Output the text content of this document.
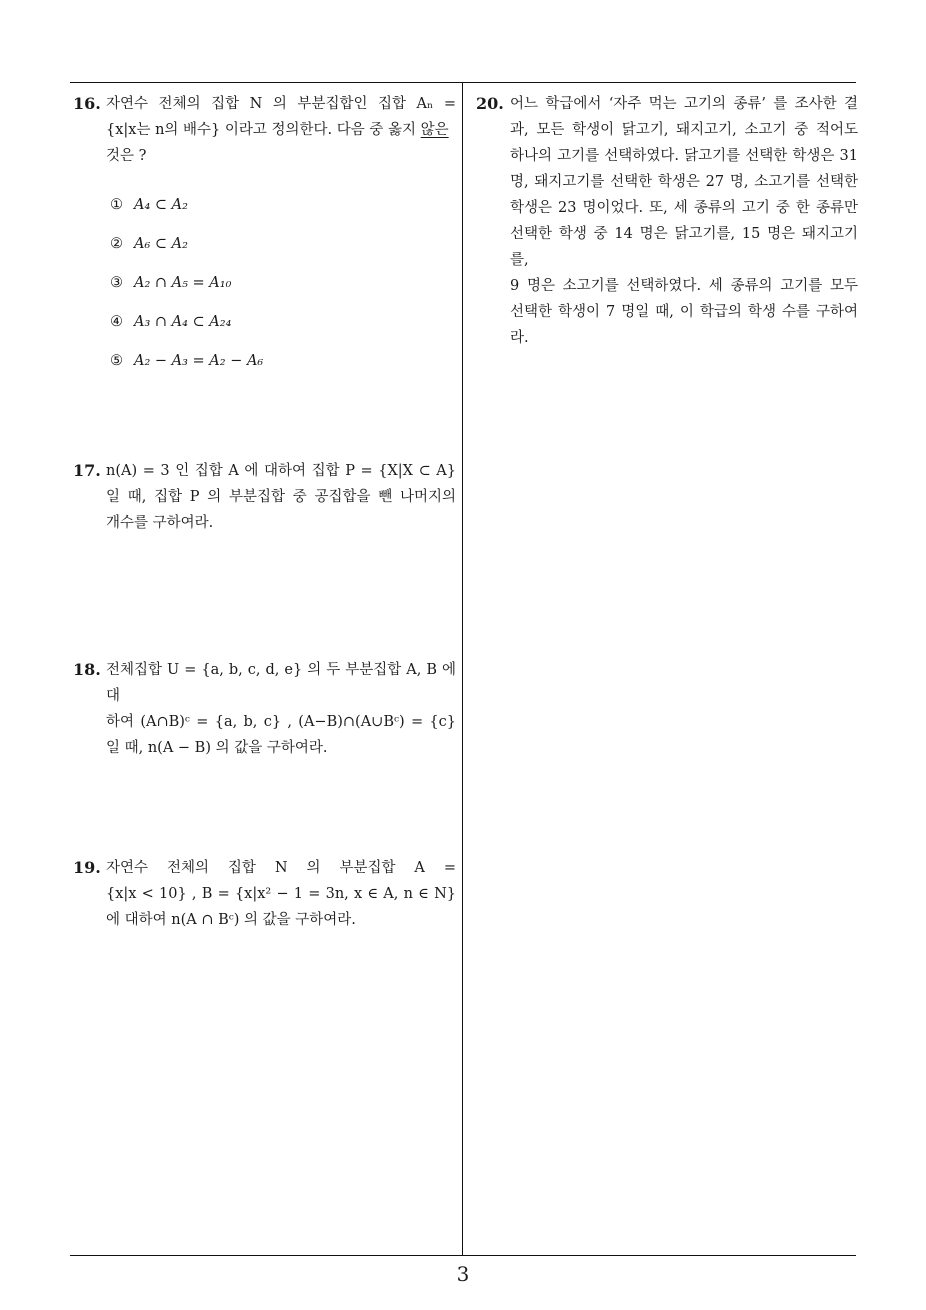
16. 자연수 전체의 집합 N 의 부분집합인 집합 Aₙ =
{x|x는 n의 배수} 이라고 정의한다. 다음 중 옳지 않은
것은 ?
① A₄ ⊂ A₂
② A₆ ⊂ A₂
③ A₂ ∩ A₅ = A₁₀
④ A₃ ∩ A₄ ⊂ A₂₄
⑤ A₂ − A₃ = A₂ − A₆
17. n(A) = 3 인 집합 A 에 대하여 집합 P = {X|X ⊂ A}
일 때, 집합 P 의 부분집합 중 공집합을 뺀 나머지의
개수를 구하여라.
18. 전체집합 U = {a, b, c, d, e} 의 두 부분집합 A, B 에 대
하여 (A∩B)ᶜ = {a, b, c} , (A−B)∩(A∪Bᶜ) = {c}
일 때, n(A − B) 의 값을 구하여라.
19. 자연수 전체의 집합 N 의 부분집합 A =
{x|x < 10} , B = {x|x² − 1 = 3n, x ∈ A, n ∈ N}
에 대하여 n(A ∩ Bᶜ) 의 값을 구하여라.
20. 어느 학급에서 ‘자주 먹는 고기의 종류’ 를 조사한 결
과, 모든 학생이 닭고기, 돼지고기, 소고기 중 적어도
하나의 고기를 선택하였다. 닭고기를 선택한 학생은 31
명, 돼지고기를 선택한 학생은 27 명, 소고기를 선택한
학생은 23 명이었다. 또, 세 종류의 고기 중 한 종류만
선택한 학생 중 14 명은 닭고기를, 15 명은 돼지고기를,
9 명은 소고기를 선택하였다. 세 종류의 고기를 모두
선택한 학생이 7 명일 때, 이 학급의 학생 수를 구하여
라.
3
